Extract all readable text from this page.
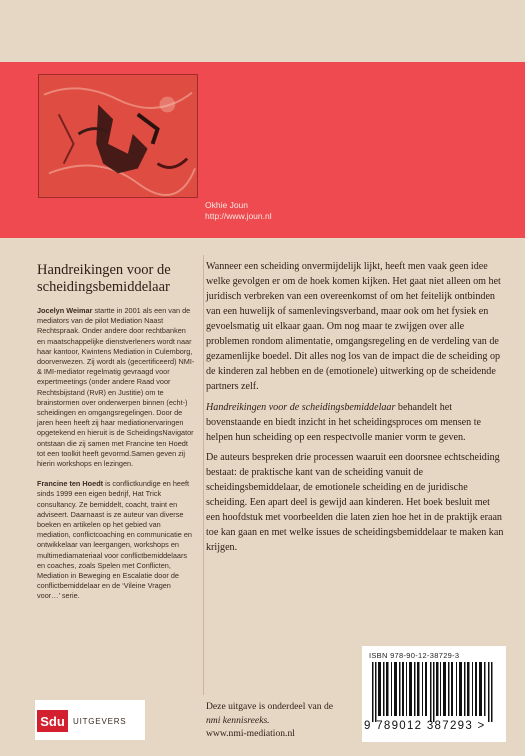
Okhie Joun
http://www.joun.nl
Handreikingen voor de scheidingsbemiddelaar

Jocelyn Weimar startte in 2001 als een van de mediators van de pilot Mediation Naast Rechtspraak. Onder andere door rechtbanken en maatschappelijke dienstverleners wordt naar haar kantoor, Kwintens Mediation in Culemborg, doorverwezen. Zij wordt als (gecertificeerd) NMI- & IMI-mediator regelmatig gevraagd voor expertmeetings (onder andere Raad voor Rechtsbijstand (RvR) en Justitie) om te brainstormen over onderwerpen binnen (echt-) scheidingen en omgangsregelingen. Door de jaren heen heeft zij haar mediationervaringen opgetekend en hieruit is de ScheidingsNavigator ontstaan die zij samen met Francine ten Hoedt tot een toolkit heeft gevormd.Samen geven zij hierin workshops en lezingen.

Francine ten Hoedt is conflictkundige en heeft sinds 1999 een eigen bedrijf, Hat Trick consultancy. Ze bemiddelt, coacht, traint en adviseert. Daarnaast is ze auteur van diverse boeken en artikelen op het gebied van mediation, conflictcoaching en communicatie en ontwikkelaar van leergangen, workshops en multimediamateriaal voor conflictbemiddelaars en coaches, zoals Spelen met Conflicten, Mediation in Beweging en Escalatie door de conflictbemiddelaar en de ‘Vileine Vragen voor…’ serie.

Wanneer een scheiding onvermijdelijk lijkt, heeft men vaak geen idee welke gevolgen er om de hoek komen kijken. Het gaat niet alleen om het juridisch verbreken van een overeenkomst of om het feitelijk ontbinden van een huwelijk of samenlevingsverband, maar ook om het fysiek en gevoelsmatig uit elkaar gaan. Om nog maar te zwijgen over alle problemen rondom alimentatie, omgangsregeling en de verdeling van de gezamenlijke boedel. Dit alles nog los van de impact die de scheiding op de kinderen zal hebben en de (emotionele) uitwerking op de scheidende partners zelf.

Handreikingen voor de scheidingsbemiddelaar behandelt het bovenstaande en biedt inzicht in het scheidingsproces om mensen te helpen hun scheiding op een respectvolle manier vorm te geven.

De auteurs bespreken drie processen waaruit een doorsnee echtscheiding bestaat: de praktische kant van de scheiding vanuit de scheidingsbemiddelaar, de emotionele scheiding en de juridische scheiding. Een apart deel is gewijd aan kinderen. Het boek besluit met een hoofdstuk met voorbeelden die laten zien hoe het in de praktijk eraan toe kan gaan en met welke issues de scheidingsbemiddelaar te maken kan krijgen.

Sdu	UITGEVERS
Deze uitgave is onderdeel van de
nmi kennisreeks.
www.nmi-mediation.nl
ISBN 978-90-12-38729-3
9 789012 387293 >
